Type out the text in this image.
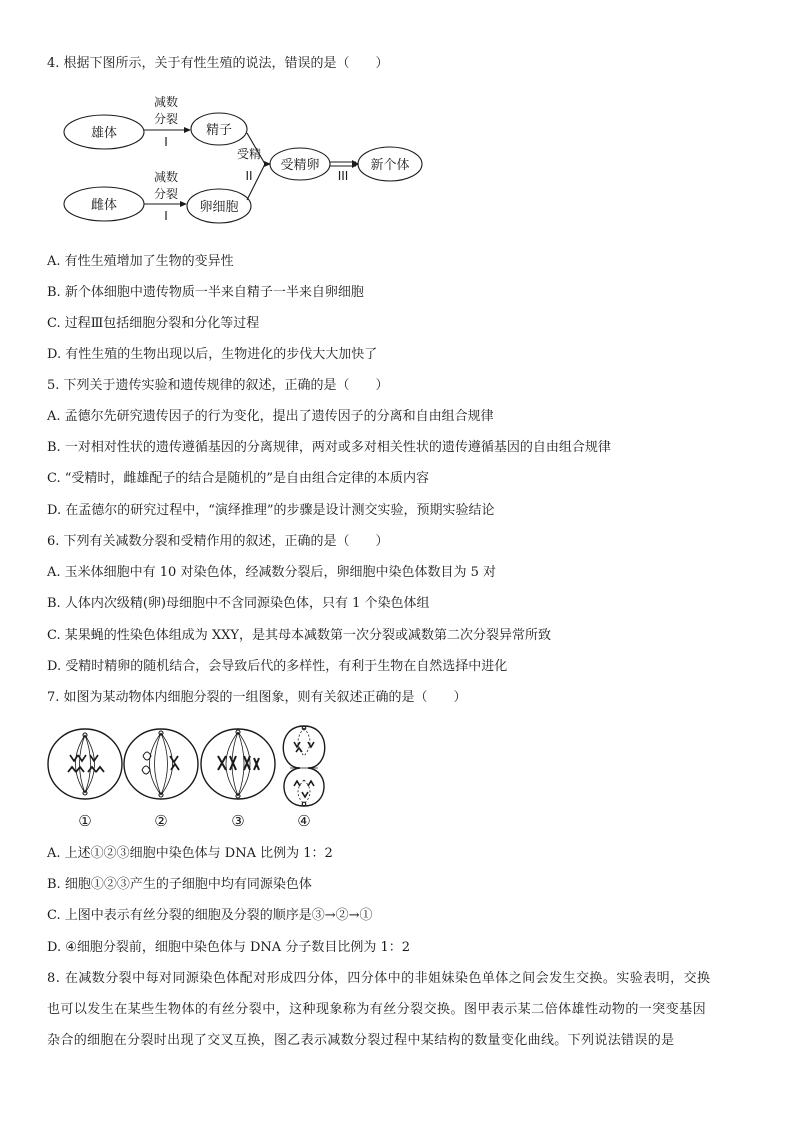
4. 根据下图所示，关于有性生殖的说法，错误的是（　　）
雄体
雌体
精子
卵细胞
受精卵	新个体
减数
分裂
I
减数
分裂
I
受精
II	III
A. 有性生殖增加了生物的变异性
B. 新个体细胞中遗传物质一半来自精子一半来自卵细胞
C. 过程Ⅲ包括细胞分裂和分化等过程
D. 有性生殖的生物出现以后，生物进化的步伐大大加快了
5. 下列关于遗传实验和遗传规律的叙述，正确的是（　　）
A. 孟德尔先研究遗传因子的行为变化，提出了遗传因子的分离和自由组合规律
B. 一对相对性状的遗传遵循基因的分离规律，两对或多对相关性状的遗传遵循基因的自由组合规律
C. “受精时，雌雄配子的结合是随机的”是自由组合定律的本质内容
D. 在孟德尔的研究过程中，“演绎推理”的步骤是设计测交实验，预期实验结论
6. 下列有关减数分裂和受精作用的叙述，正确的是（　　）
A. 玉米体细胞中有 10 对染色体，经减数分裂后，卵细胞中染色体数目为 5 对
B. 人体内次级精(卵)母细胞中不含同源染色体，只有 1 个染色体组
C. 某果蝇的性染色体组成为 XXY，是其母本减数第一次分裂或减数第二次分裂异常所致
D. 受精时精卵的随机结合，会导致后代的多样性，有利于生物在自然选择中进化
7. 如图为某动物体内细胞分裂的一组图象，则有关叙述正确的是（　　）
①	②	③	④
A. 上述①②③细胞中染色体与 DNA 比例为 1：2
B. 细胞①②③产生的子细胞中均有同源染色体
C. 上图中表示有丝分裂的细胞及分裂的顺序是③→②→①
D. ④细胞分裂前，细胞中染色体与 DNA 分子数目比例为 1：2
8. 在减数分裂中每对同源染色体配对形成四分体，四分体中的非姐妹染色单体之间会发生交换。实验表明，交换
也可以发生在某些生物体的有丝分裂中，这种现象称为有丝分裂交换。图甲表示某二倍体雄性动物的一突变基因
杂合的细胞在分裂时出现了交叉互换，图乙表示减数分裂过程中某结构的数量变化曲线。下列说法错误的是
